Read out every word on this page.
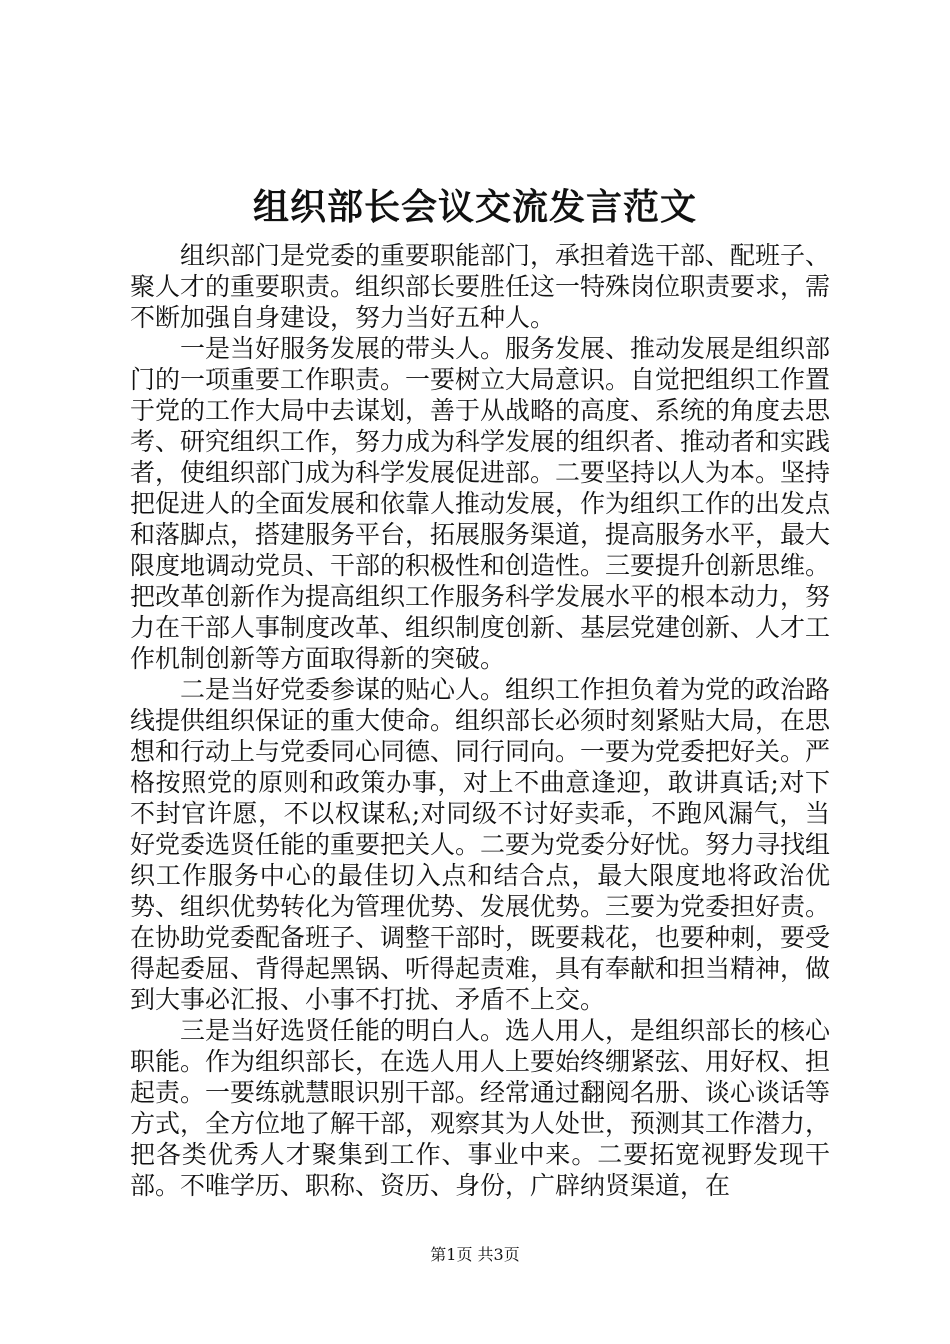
组织部长会议交流发言范文

组织部门是党委的重要职能部门，承担着选干部、配班子、聚人才的重要职责。组织部长要胜任这一特殊岗位职责要求，需不断加强自身建设，努力当好五种人。

一是当好服务发展的带头人。服务发展、推动发展是组织部门的一项重要工作职责。一要树立大局意识。自觉把组织工作置于党的工作大局中去谋划，善于从战略的高度、系统的角度去思考、研究组织工作，努力成为科学发展的组织者、推动者和实践者，使组织部门成为科学发展促进部。二要坚持以人为本。坚持把促进人的全面发展和依靠人推动发展，作为组织工作的出发点和落脚点，搭建服务平台，拓展服务渠道，提高服务水平，最大限度地调动党员、干部的积极性和创造性。三要提升创新思维。把改革创新作为提高组织工作服务科学发展水平的根本动力，努力在干部人事制度改革、组织制度创新、基层党建创新、人才工作机制创新等方面取得新的突破。

二是当好党委参谋的贴心人。组织工作担负着为党的政治路线提供组织保证的重大使命。组织部长必须时刻紧贴大局，在思想和行动上与党委同心同德、同行同向。一要为党委把好关。严格按照党的原则和政策办事，对上不曲意逢迎，敢讲真话;对下不封官许愿，不以权谋私;对同级不讨好卖乖，不跑风漏气，当好党委选贤任能的重要把关人。二要为党委分好忧。努力寻找组织工作服务中心的最佳切入点和结合点，最大限度地将政治优势、组织优势转化为管理优势、发展优势。三要为党委担好责。在协助党委配备班子、调整干部时，既要栽花，也要种刺，要受得起委屈、背得起黑锅、听得起责难，具有奉献和担当精神，做到大事必汇报、小事不打扰、矛盾不上交。

三是当好选贤任能的明白人。选人用人，是组织部长的核心职能。作为组织部长，在选人用人上要始终绷紧弦、用好权、担起责。一要练就慧眼识别干部。经常通过翻阅名册、谈心谈话等方式，全方位地了解干部，观察其为人处世，预测其工作潜力，把各类优秀人才聚集到工作、事业中来。二要拓宽视野发现干部。不唯学历、职称、资历、身份，广辟纳贤渠道，在

第1页 共3页
